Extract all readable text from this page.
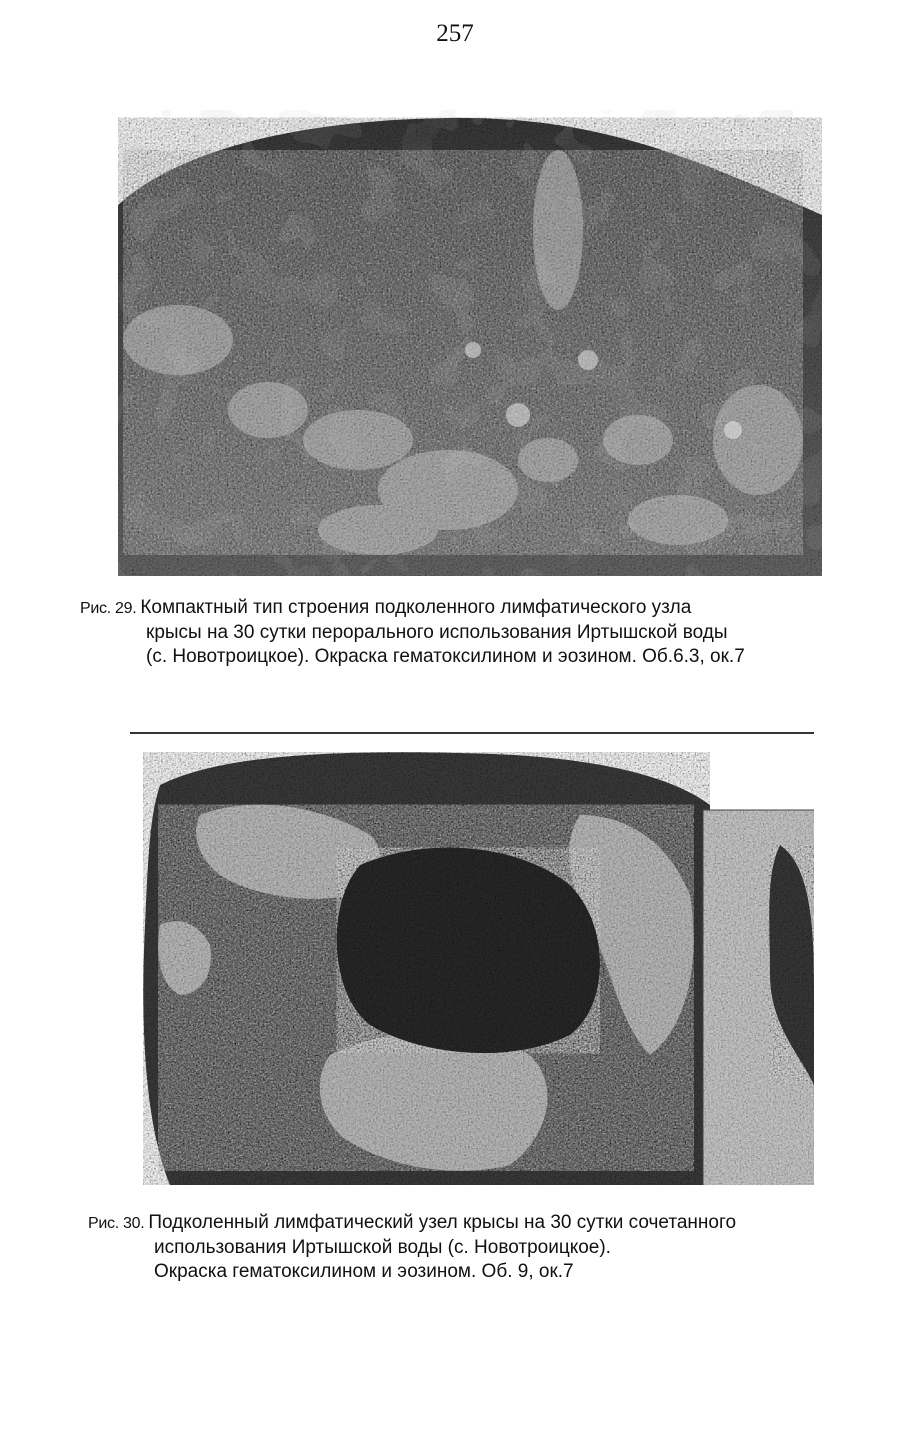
257
Рис. 29. Компактный тип строения подколенного лимфатического узла
крысы на 30 сутки перорального использования Иртышской воды
(с. Новотроицкое). Окраска гематоксилином и эозином. Об.6.3, ок.7
Рис. 30. Подколенный лимфатический узел крысы на 30 сутки сочетанного
использования Иртышской воды (с. Новотроицкое).
Окраска гематоксилином и эозином. Об. 9, ок.7
